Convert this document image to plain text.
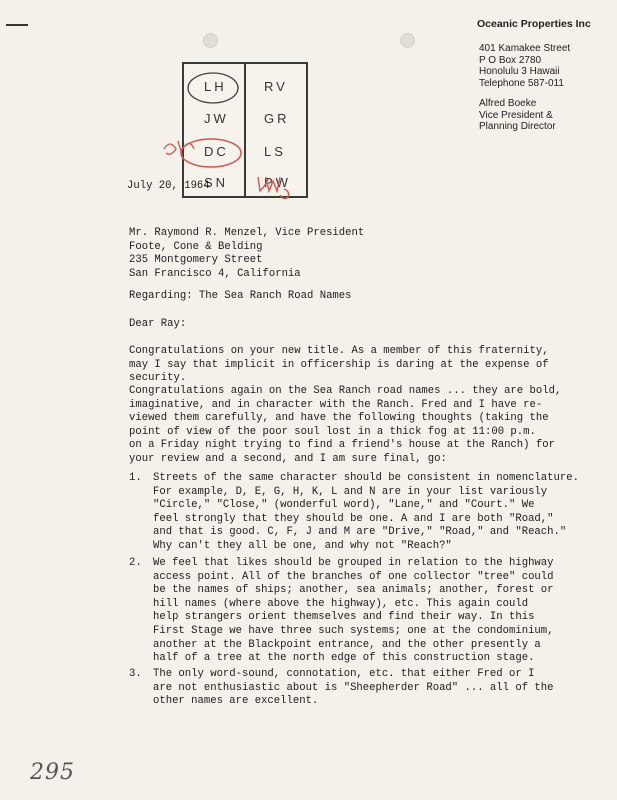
Oceanic Properties Inc
401 Kamakee Street
P O Box 2780
Honolulu 3 Hawaii
Telephone 587-011
Alfred Boeke
Vice President &
Planning Director
LH	RV
JW	GR
DC	LS
SN	PW
July 20, 1964
Mr. Raymond R. Menzel, Vice President
Foote, Cone & Belding
235 Montgomery Street
San Francisco 4, California
Regarding: The Sea Ranch Road Names
Dear Ray:
Congratulations on your new title. As a member of this fraternity,
may I say that implicit in officership is daring at the expense of
security.
Congratulations again on the Sea Ranch road names ... they are bold,
imaginative, and in character with the Ranch. Fred and I have re-
viewed them carefully, and have the following thoughts (taking the
point of view of the poor soul lost in a thick fog at 11:00 p.m.
on a Friday night trying to find a friend's house at the Ranch) for
your review and a second, and I am sure final, go:
1. Streets of the same character should be consistent in nomenclature.
For example, D, E, G, H, K, L and N are in your list variously
"Circle," "Close," (wonderful word), "Lane," and "Court." We
feel strongly that they should be one. A and I are both "Road,"
and that is good. C, F, J and M are "Drive," "Road," and "Reach."
Why can't they all be one, and why not "Reach?"
2. We feel that likes should be grouped in relation to the highway
access point. All of the branches of one collector "tree" could
be the names of ships; another, sea animals; another, forest or
hill names (where above the highway), etc. This again could
help strangers orient themselves and find their way. In this
First Stage we have three such systems; one at the condominium,
another at the Blackpoint entrance, and the other presently a
half of a tree at the north edge of this construction stage.
3. The only word-sound, connotation, etc. that either Fred or I
are not enthusiastic about is "Sheepherder Road" ... all of the
other names are excellent.
295
